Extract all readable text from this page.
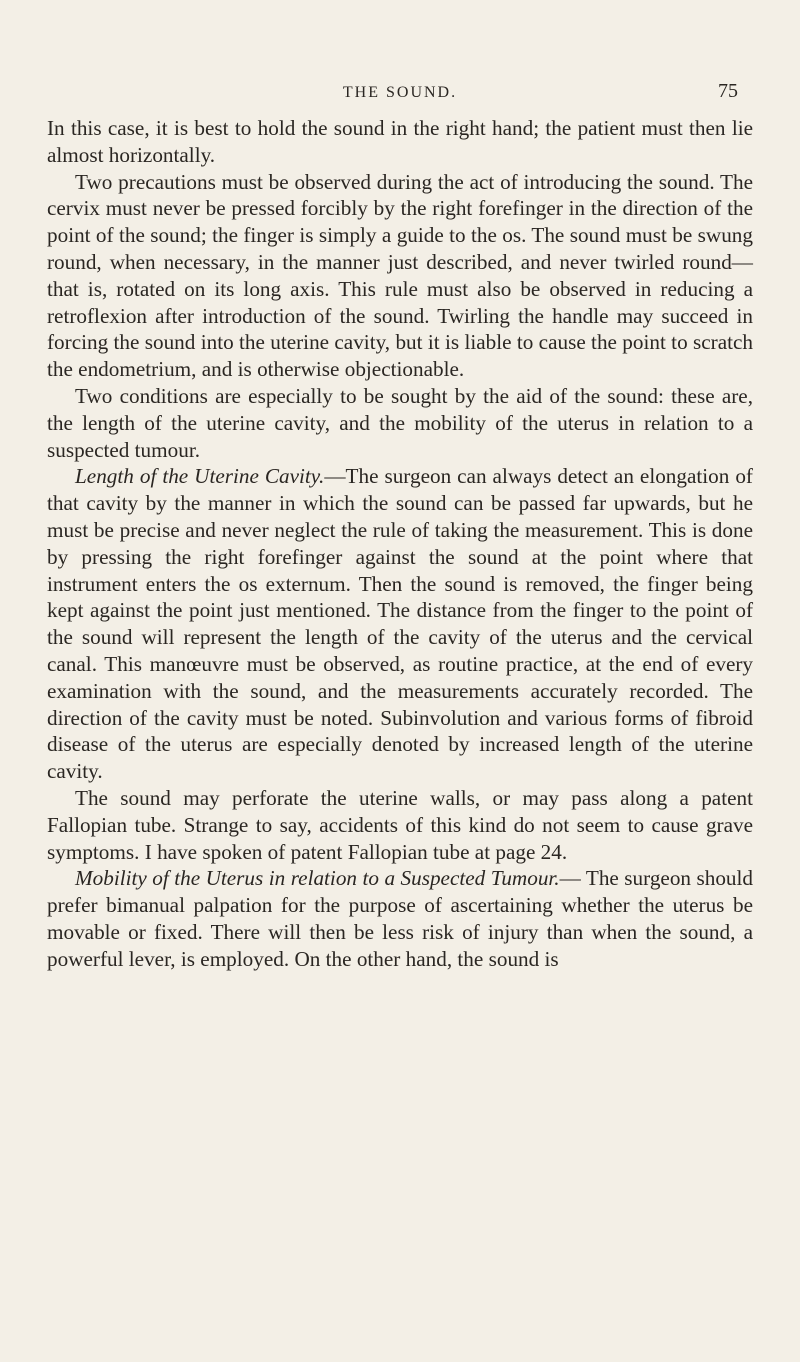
THE SOUND.	75

In this case, it is best to hold the sound in the right hand; the patient must then lie almost horizontally.

Two precautions must be observed during the act of introducing the sound. The cervix must never be pressed forcibly by the right forefinger in the direction of the point of the sound; the finger is simply a guide to the os. The sound must be swung round, when necessary, in the manner just described, and never twirled round—that is, rotated on its long axis. This rule must also be observed in reducing a retroflexion after introduction of the sound. Twirling the handle may succeed in forcing the sound into the uterine cavity, but it is liable to cause the point to scratch the endometrium, and is otherwise objectionable.

Two conditions are especially to be sought by the aid of the sound: these are, the length of the uterine cavity, and the mobility of the uterus in relation to a suspected tumour.

Length of the Uterine Cavity.—The surgeon can always detect an elongation of that cavity by the manner in which the sound can be passed far upwards, but he must be precise and never neglect the rule of taking the measurement. This is done by pressing the right forefinger against the sound at the point where that instrument enters the os externum. Then the sound is removed, the finger being kept against the point just mentioned. The distance from the finger to the point of the sound will represent the length of the cavity of the uterus and the cervical canal. This manœuvre must be observed, as routine practice, at the end of every examination with the sound, and the measurements accurately recorded. The direction of the cavity must be noted. Subinvolution and various forms of fibroid disease of the uterus are especially denoted by increased length of the uterine cavity.

The sound may perforate the uterine walls, or may pass along a patent Fallopian tube. Strange to say, accidents of this kind do not seem to cause grave symptoms. I have spoken of patent Fallopian tube at page 24.

Mobility of the Uterus in relation to a Suspected Tumour.— The surgeon should prefer bimanual palpation for the purpose of ascertaining whether the uterus be movable or fixed. There will then be less risk of injury than when the sound, a powerful lever, is employed. On the other hand, the sound is
